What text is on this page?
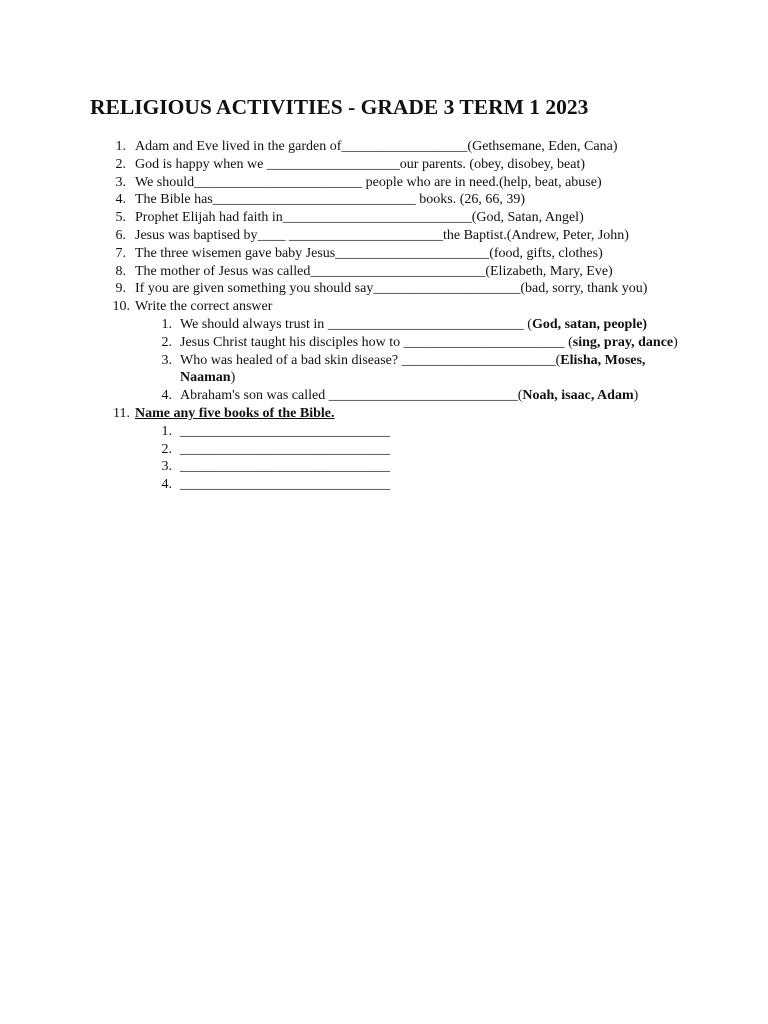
RELIGIOUS ACTIVITIES - GRADE 3 TERM 1 2023
1. Adam and Eve lived in the garden of__________________(Gethsemane, Eden, Cana)
2. God is happy when we ___________________our parents. (obey, disobey, beat)
3. We should________________________ people who are in need.(help, beat, abuse)
4. The Bible has_____________________________ books. (26, 66, 39)
5. Prophet Elijah had faith in___________________________(God, Satan, Angel)
6. Jesus was baptised by____ ______________________the Baptist.(Andrew, Peter, John)
7. The three wisemen gave baby Jesus______________________(food, gifts, clothes)
8. The mother of Jesus was called_________________________(Elizabeth, Mary, Eve)
9. If you are given something you should say_____________________(bad, sorry, thank you)
10. Write the correct answer
1. We should always trust in ____________________________ (God, satan, people)
2. Jesus Christ taught his disciples how to _______________________ (sing, pray, dance)
3. Who was healed of a bad skin disease? ______________________(Elisha, Moses, Naaman)
4. Abraham's son was called ___________________________(Noah, isaac, Adam)
11. Name any five books of the Bible.
1. ______________________________
2. ______________________________
3. ______________________________
4. ______________________________
